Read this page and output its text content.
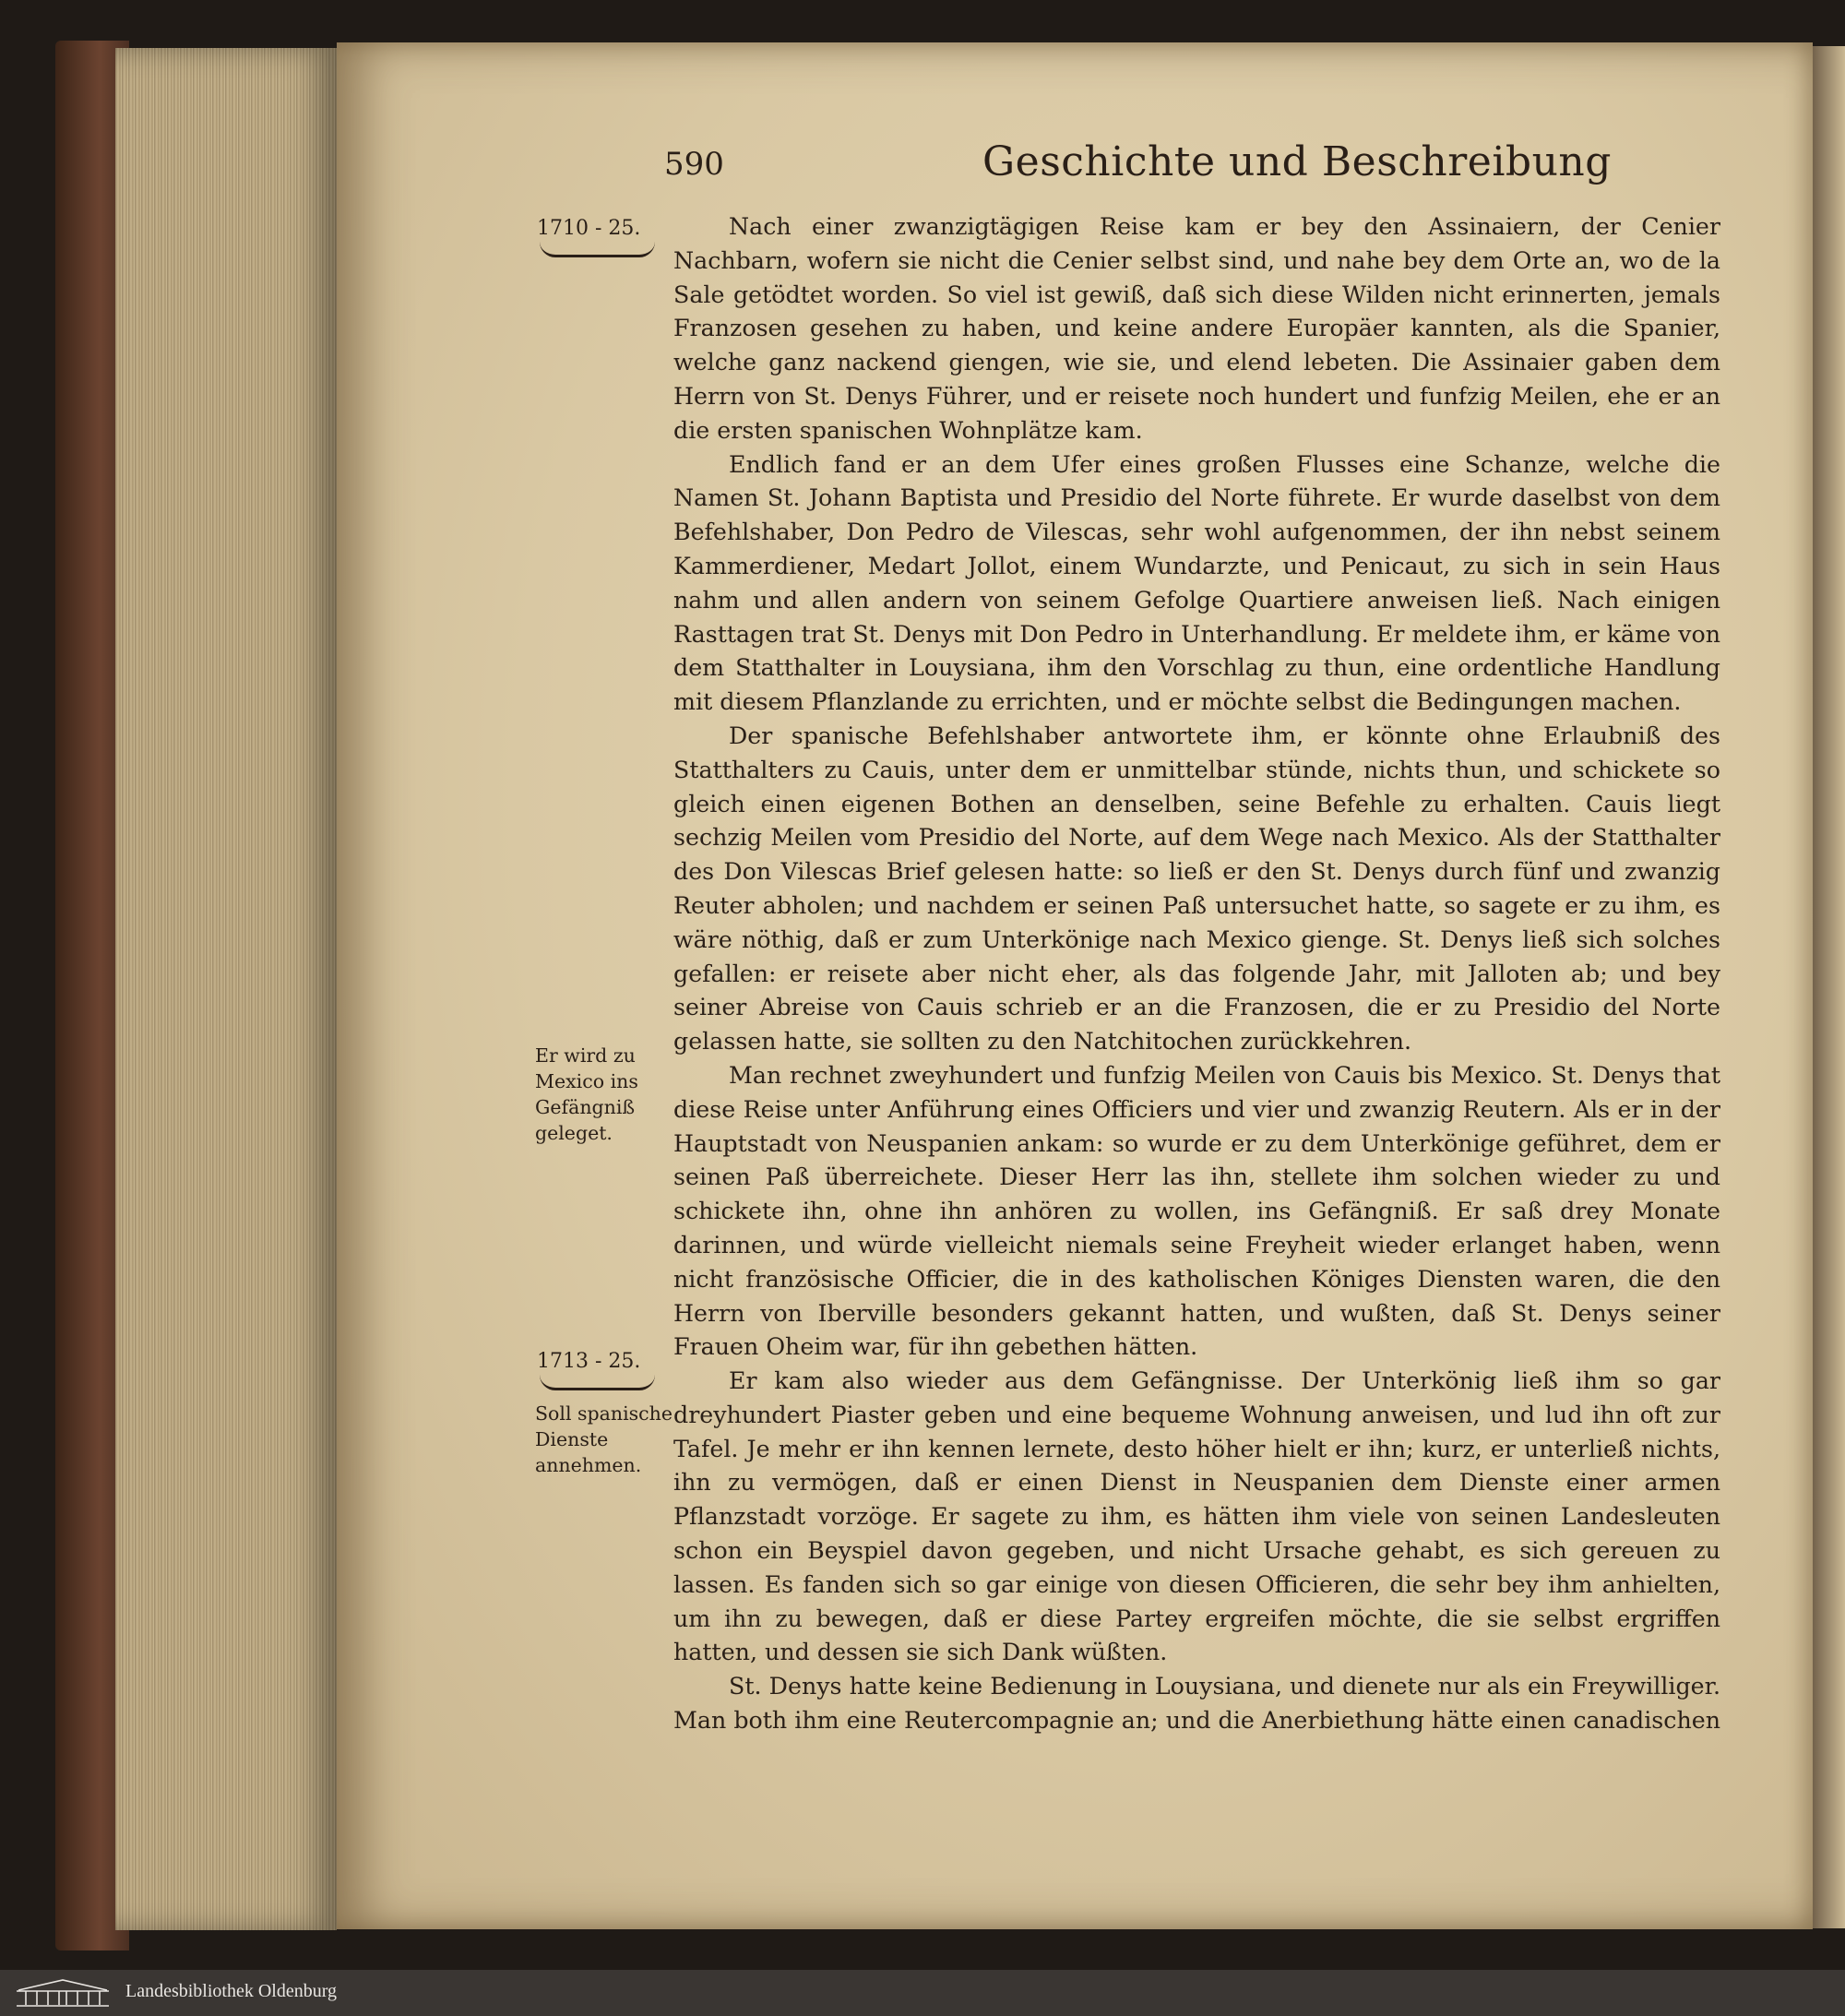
590	Geschichte und Beschreibung
1710 - 25.
Er wird zu Mexico ins Gefängniß geleget.
1713 - 25.
Soll spanische Dienste annehmen.

Nach einer zwanzigtägigen Reise kam er bey den Assinaiern, der Cenier Nachbarn, wofern sie nicht die Cenier selbst sind, und nahe bey dem Orte an, wo de la Sale getödtet worden. So viel ist gewiß, daß sich diese Wilden nicht erinnerten, jemals Franzosen gesehen zu haben, und keine andere Europäer kannten, als die Spanier, welche ganz nackend giengen, wie sie, und elend lebeten. Die Assinaier gaben dem Herrn von St. Denys Führer, und er reisete noch hundert und funfzig Meilen, ehe er an die ersten spanischen Wohnplätze kam.

Endlich fand er an dem Ufer eines großen Flusses eine Schanze, welche die Namen St. Johann Baptista und Presidio del Norte führete. Er wurde daselbst von dem Befehlshaber, Don Pedro de Vilescas, sehr wohl aufgenommen, der ihn nebst seinem Kammerdiener, Medart Jollot, einem Wundarzte, und Penicaut, zu sich in sein Haus nahm und allen andern von seinem Gefolge Quartiere anweisen ließ. Nach einigen Rasttagen trat St. Denys mit Don Pedro in Unterhandlung. Er meldete ihm, er käme von dem Statthalter in Louysiana, ihm den Vorschlag zu thun, eine ordentliche Handlung mit diesem Pflanzlande zu errichten, und er möchte selbst die Bedingungen machen.

Der spanische Befehlshaber antwortete ihm, er könnte ohne Erlaubniß des Statthalters zu Cauis, unter dem er unmittelbar stünde, nichts thun, und schickete so gleich einen eigenen Bothen an denselben, seine Befehle zu erhalten. Cauis liegt sechzig Meilen vom Presidio del Norte, auf dem Wege nach Mexico. Als der Statthalter des Don Vilescas Brief gelesen hatte: so ließ er den St. Denys durch fünf und zwanzig Reuter abholen; und nachdem er seinen Paß untersuchet hatte, so sagete er zu ihm, es wäre nöthig, daß er zum Unterkönige nach Mexico gienge. St. Denys ließ sich solches gefallen: er reisete aber nicht eher, als das folgende Jahr, mit Jalloten ab; und bey seiner Abreise von Cauis schrieb er an die Franzosen, die er zu Presidio del Norte gelassen hatte, sie sollten zu den Natchitochen zurückkehren.

Man rechnet zweyhundert und funfzig Meilen von Cauis bis Mexico. St. Denys that diese Reise unter Anführung eines Officiers und vier und zwanzig Reutern. Als er in der Hauptstadt von Neuspanien ankam: so wurde er zu dem Unterkönige geführet, dem er seinen Paß überreichete. Dieser Herr las ihn, stellete ihm solchen wieder zu und schickete ihn, ohne ihn anhören zu wollen, ins Gefängniß. Er saß drey Monate darinnen, und würde vielleicht niemals seine Freyheit wieder erlanget haben, wenn nicht französische Officier, die in des katholischen Königes Diensten waren, die den Herrn von Iberville besonders gekannt hatten, und wußten, daß St. Denys seiner Frauen Oheim war, für ihn gebethen hätten.

Er kam also wieder aus dem Gefängnisse. Der Unterkönig ließ ihm so gar dreyhundert Piaster geben und eine bequeme Wohnung anweisen, und lud ihn oft zur Tafel. Je mehr er ihn kennen lernete, desto höher hielt er ihn; kurz, er unterließ nichts, ihn zu vermögen, daß er einen Dienst in Neuspanien dem Dienste einer armen Pflanzstadt vorzöge. Er sagete zu ihm, es hätten ihm viele von seinen Landesleuten schon ein Beyspiel davon gegeben, und nicht Ursache gehabt, es sich gereuen zu lassen. Es fanden sich so gar einige von diesen Officieren, die sehr bey ihm anhielten, um ihn zu bewegen, daß er diese Partey ergreifen möchte, die sie selbst ergriffen hatten, und dessen sie sich Dank wüßten.

St. Denys hatte keine Bedienung in Louysiana, und dienete nur als ein Freywilliger. Man both ihm eine Reutercompagnie an; und die Anerbiethung hätte einen canadischen

Landesbibliothek Oldenburg
